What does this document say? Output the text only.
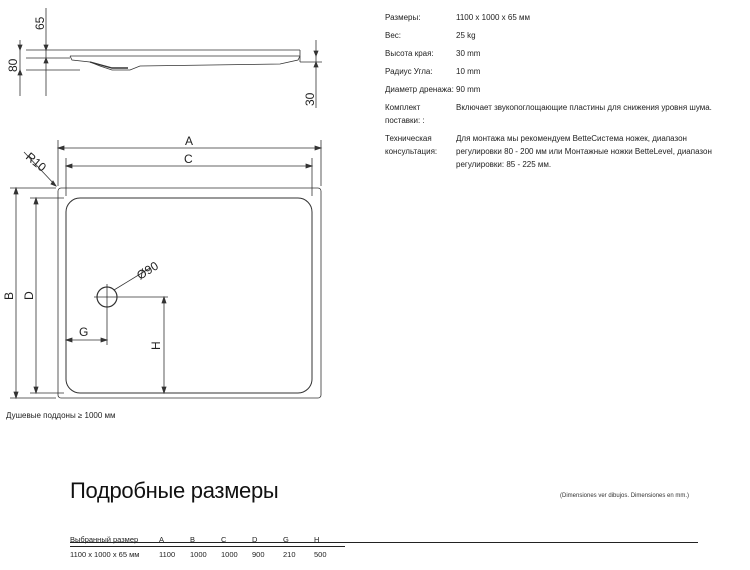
65
80
30
A
C
R10
B D
Ø90
G
H
Размеры:	1100 x 1000 x 65 мм
Вес:	25 kg
Высота края:	30 mm
Радиус Угла:	10 mm
Диаметр дренажа: 90 mm
Комплект поставки: :
Включает звукопоглощающие пластины для снижения уровня шума.
Техническая консультация:
Для монтажа мы рекомендуем BetteСистема ножек, диапазон регулировки 80 - 200 мм или Монтажные ножки BetteLevel, диапазон регулировки: 85 - 225 мм.
Душевые поддоны ≥ 1000 мм
Подробные размеры	(Dimensiones ver dibujos. Dimensiones en mm.)
Выбранный размер	A	B	C	D	G	H
1100 x 1000 x 65 мм	1100	1000	1000	900	210	500
